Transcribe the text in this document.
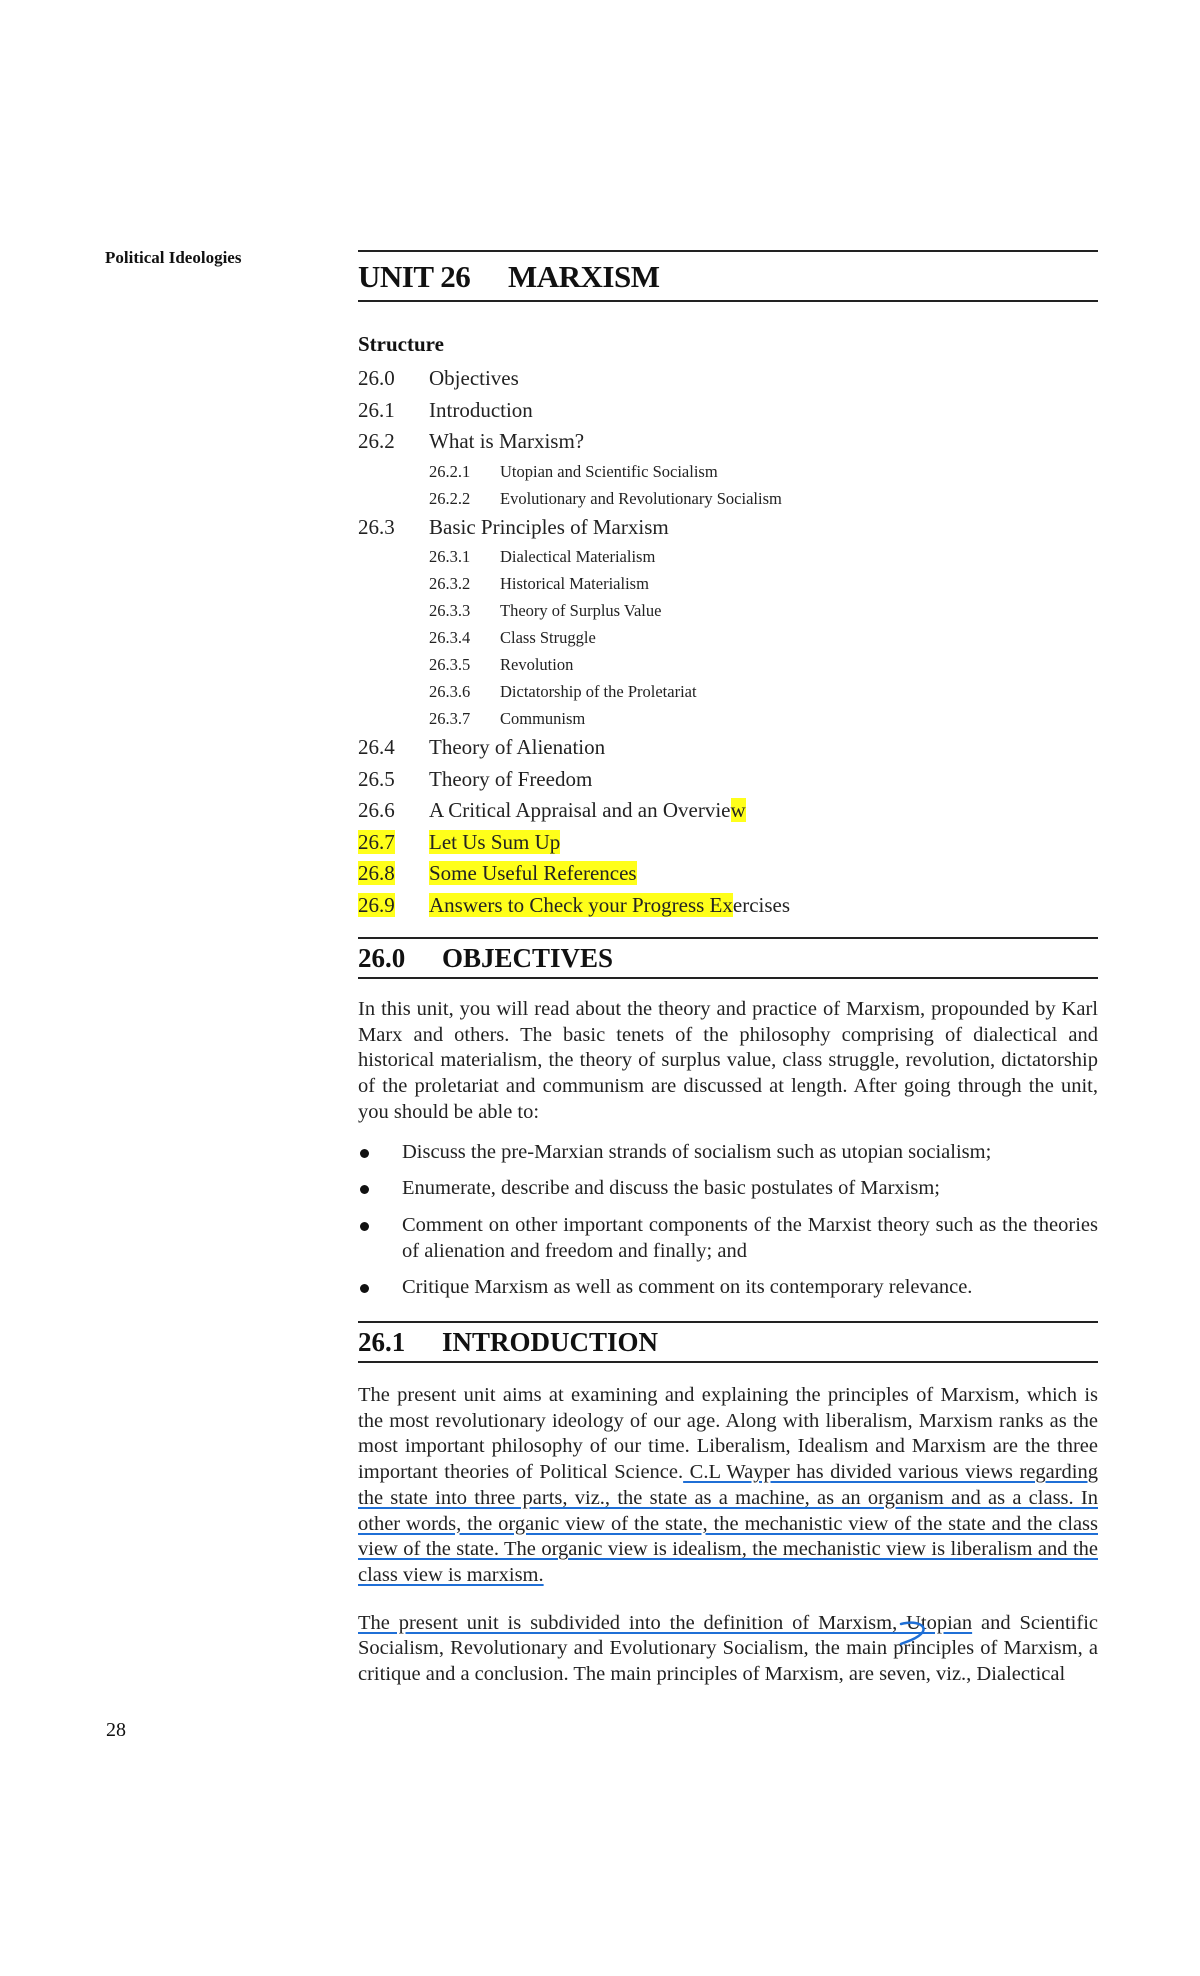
Political Ideologies
28
UNIT 26 MARXISM
Structure
26.0 Objectives
26.1 Introduction
26.2 What is Marxism?
26.2.1 Utopian and Scientific Socialism
26.2.2 Evolutionary and Revolutionary Socialism
26.3 Basic Principles of Marxism
26.3.1 Dialectical Materialism
26.3.2 Historical Materialism
26.3.3 Theory of Surplus Value
26.3.4 Class Struggle
26.3.5 Revolution
26.3.6 Dictatorship of the Proletariat
26.3.7 Communism
26.4 Theory of Alienation
26.5 Theory of Freedom
26.6 A Critical Appraisal and an Overview
26.7 Let Us Sum Up
26.8 Some Useful References
26.9 Answers to Check your Progress Exercises
26.0 OBJECTIVES

In this unit, you will read about the theory and practice of Marxism, propounded by Karl Marx and others. The basic tenets of the philosophy comprising of dialectical and historical materialism, the theory of surplus value, class struggle, revolution, dictatorship of the proletariat and communism are discussed at length. After going through the unit, you should be able to:

Discuss the pre-Marxian strands of socialism such as utopian socialism;
Enumerate, describe and discuss the basic postulates of Marxism;
Comment on other important components of the Marxist theory such as the theories of alienation and freedom and finally; and
Critique Marxism as well as comment on its contemporary relevance.
26.1 INTRODUCTION

The present unit aims at examining and explaining the principles of Marxism, which is the most revolutionary ideology of our age. Along with liberalism, Marxism ranks as the most important philosophy of our time. Liberalism, Idealism and Marxism are the three important theories of Political Science. C.L Wayper has divided various views regarding the state into three parts, viz., the state as a machine, as an organism and as a class. In other words, the organic view of the state, the mechanistic view of the state and the class view of the state. The organic view is idealism, the mechanistic view is liberalism and the class view is marxism.

The present unit is subdivided into the definition of Marxism, Utopian and Scientific Socialism, Revolutionary and Evolutionary Socialism, the main principles of Marxism, a critique and a conclusion. The main principles of Marxism, are seven, viz., Dialectical
